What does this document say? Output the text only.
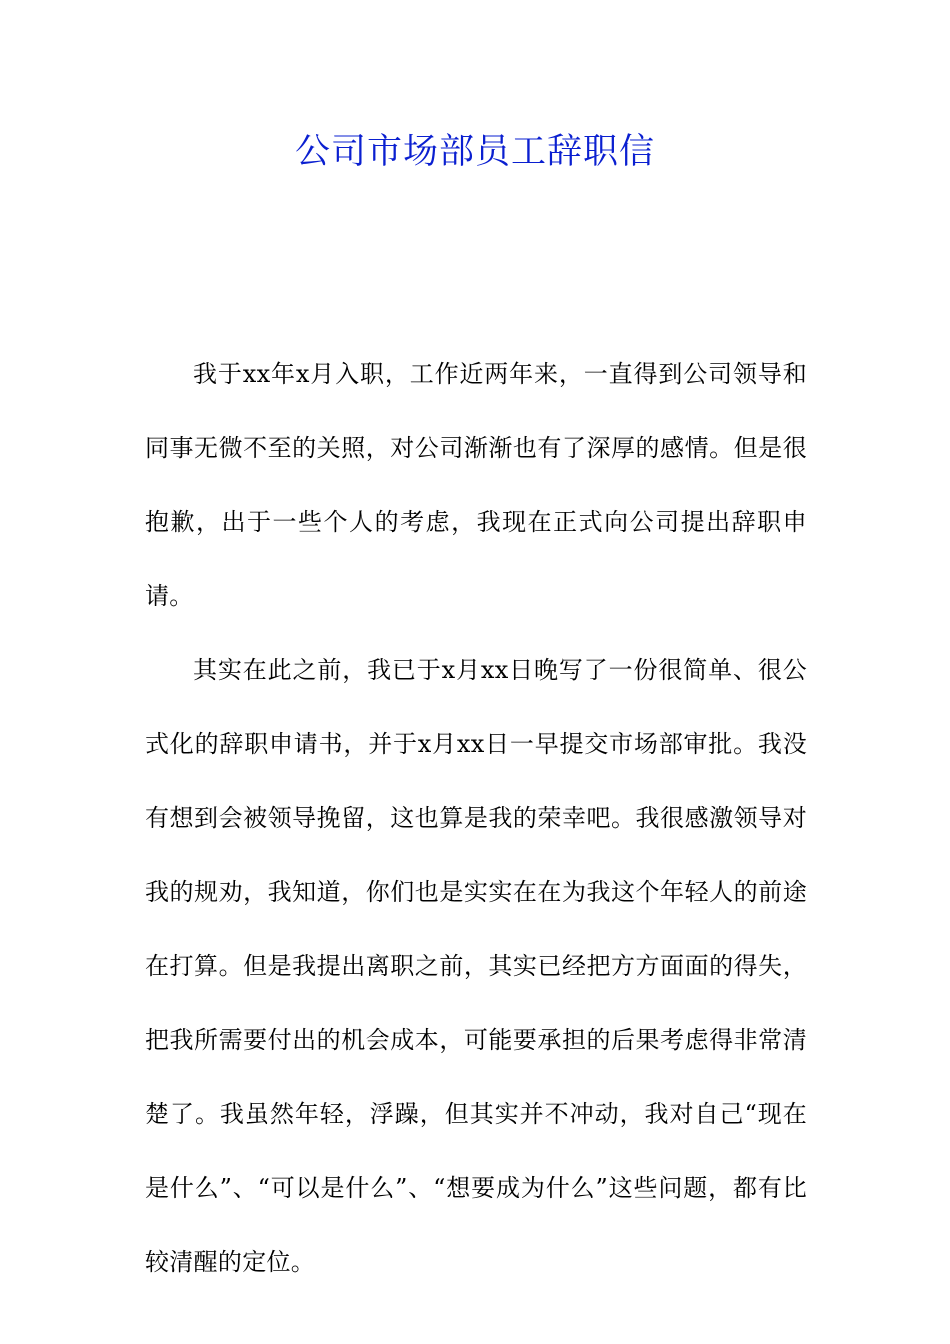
公司市场部员工辞职信

我于xx年x月入职，工作近两年来，一直得到公司领导和同事无微不至的关照，对公司渐渐也有了深厚的感情。但是很抱歉，出于一些个人的考虑，我现在正式向公司提出辞职申请。

其实在此之前，我已于x月xx日晚写了一份很简单、很公式化的辞职申请书，并于x月xx日一早提交市场部审批。我没有想到会被领导挽留，这也算是我的荣幸吧。我很感激领导对我的规劝，我知道，你们也是实实在在为我这个年轻人的前途在打算。但是我提出离职之前，其实已经把方方面面的得失，把我所需要付出的机会成本，可能要承担的后果考虑得非常清楚了。我虽然年轻，浮躁，但其实并不冲动，我对自己“现在是什么”、“可以是什么”、“想要成为什么”这些问题，都有比较清醒的定位。
